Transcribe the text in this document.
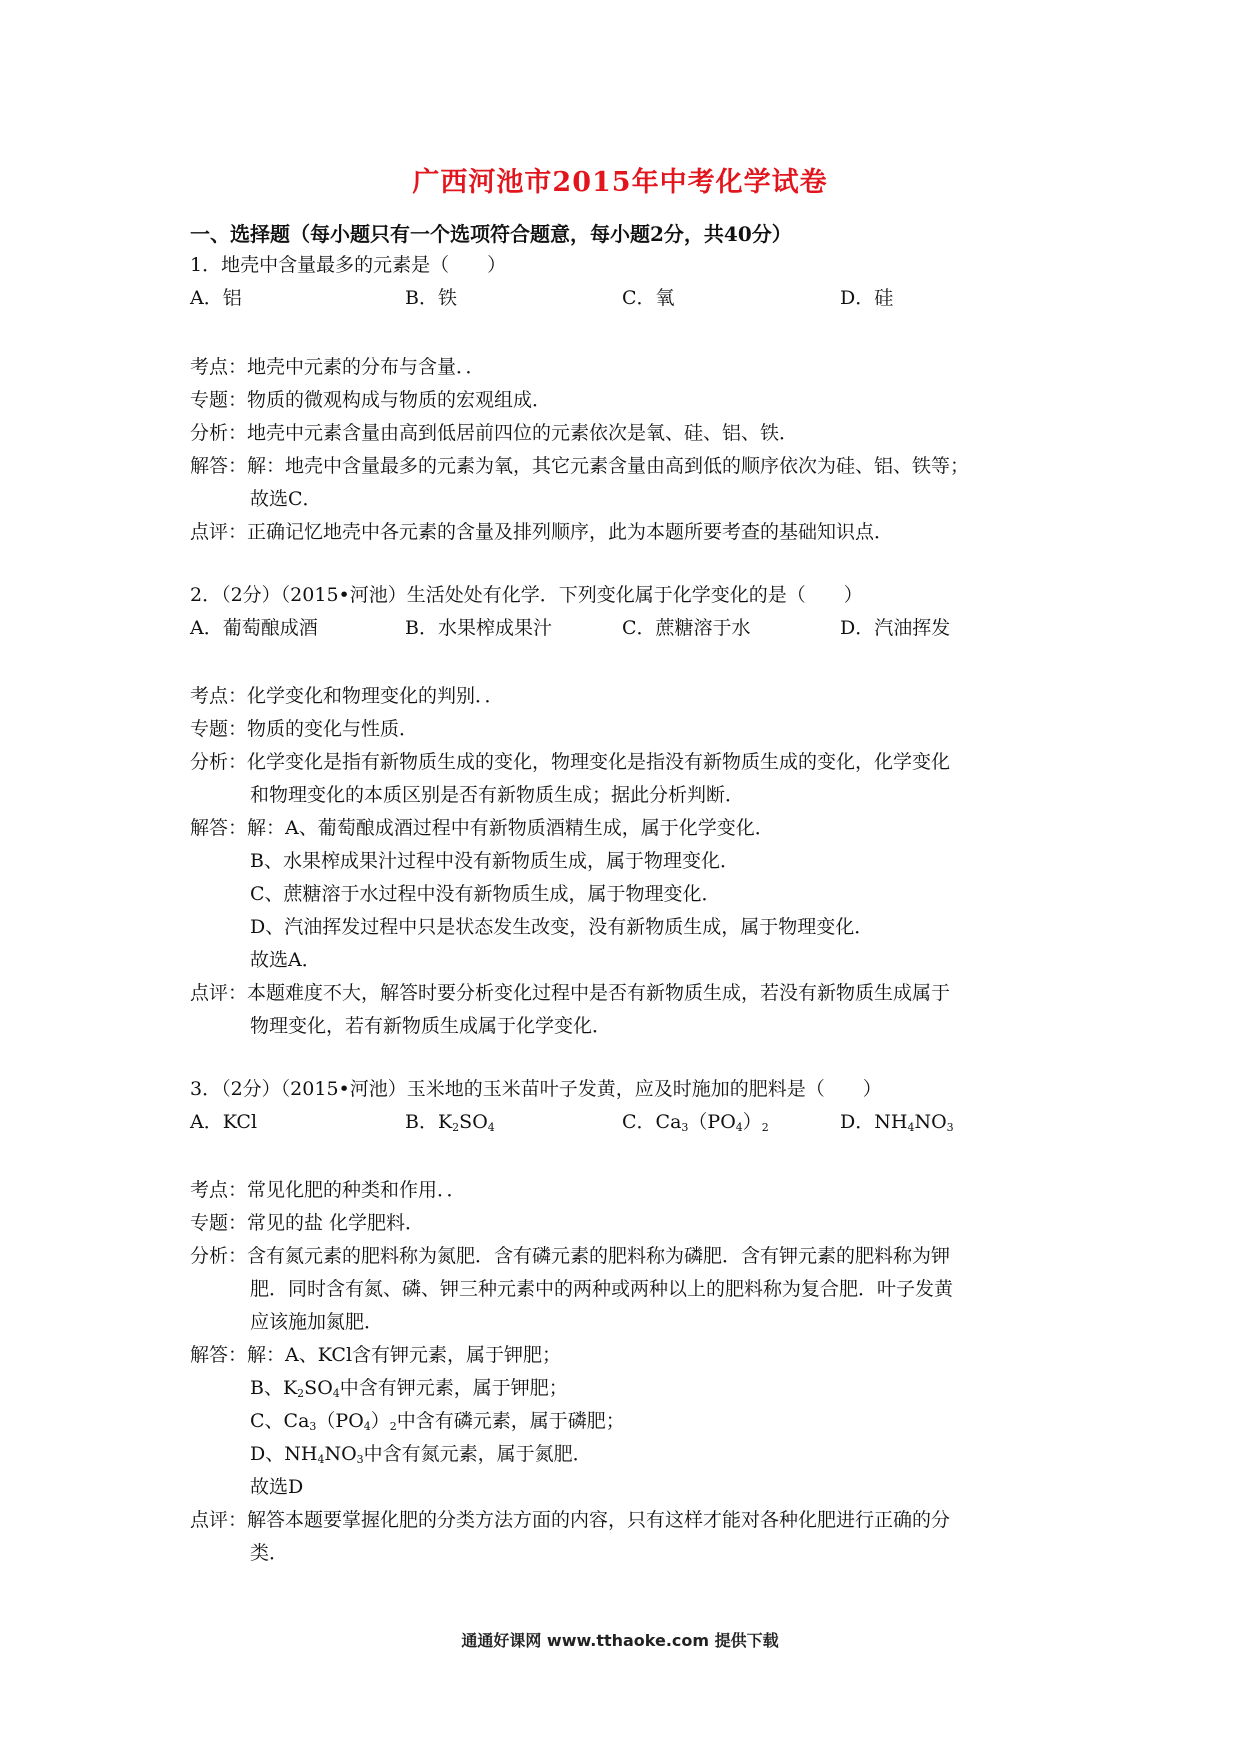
广西河池市2015年中考化学试卷
一、选择题（每小题只有一个选项符合题意，每小题2分，共40分）
1．地壳中含量最多的元素是（　　）
A．铝	B．铁	C．氧	D．硅
考点：地壳中元素的分布与含量．．
专题：物质的微观构成与物质的宏观组成．
分析：地壳中元素含量由高到低居前四位的元素依次是氧、硅、铝、铁．
解答：解：地壳中含量最多的元素为氧，其它元素含量由高到低的顺序依次为硅、铝、铁等；
故选C．
点评：正确记忆地壳中各元素的含量及排列顺序，此为本题所要考查的基础知识点．
2．（2分）（2015•河池）生活处处有化学．下列变化属于化学变化的是（　　）
A．葡萄酿成酒	B．水果榨成果汁	C．蔗糖溶于水	D．汽油挥发
考点：化学变化和物理变化的判别．．
专题：物质的变化与性质．
分析：化学变化是指有新物质生成的变化，物理变化是指没有新物质生成的变化，化学变化
和物理变化的本质区别是否有新物质生成；据此分析判断．
解答：解：A、葡萄酿成酒过程中有新物质酒精生成，属于化学变化．
B、水果榨成果汁过程中没有新物质生成，属于物理变化．
C、蔗糖溶于水过程中没有新物质生成，属于物理变化．
D、汽油挥发过程中只是状态发生改变，没有新物质生成，属于物理变化．
故选A．
点评：本题难度不大，解答时要分析变化过程中是否有新物质生成，若没有新物质生成属于
物理变化，若有新物质生成属于化学变化．
3．（2分）（2015•河池）玉米地的玉米苗叶子发黄，应及时施加的肥料是（　　）
A．KCl	B．$K_2SO_4$	C．$Ca_3(PO_4)_2$	D．$NH_4NO_3$
考点：常见化肥的种类和作用．．
专题：常见的盐 化学肥料．
分析：含有氮元素的肥料称为氮肥．含有磷元素的肥料称为磷肥．含有钾元素的肥料称为钾
肥．同时含有氮、磷、钾三种元素中的两种或两种以上的肥料称为复合肥．叶子发黄
应该施加氮肥．
解答：解：A、KCl含有钾元素，属于钾肥；
B、$K_2SO_4$中含有钾元素，属于钾肥；
C、$Ca_3(PO_4)_2$中含有磷元素，属于磷肥；
D、$NH_4NO_3$中含有氮元素，属于氮肥．
故选D
点评：解答本题要掌握化肥的分类方法方面的内容，只有这样才能对各种化肥进行正确的分
类．
通通好课网 www.tthaoke.com 提供下载
